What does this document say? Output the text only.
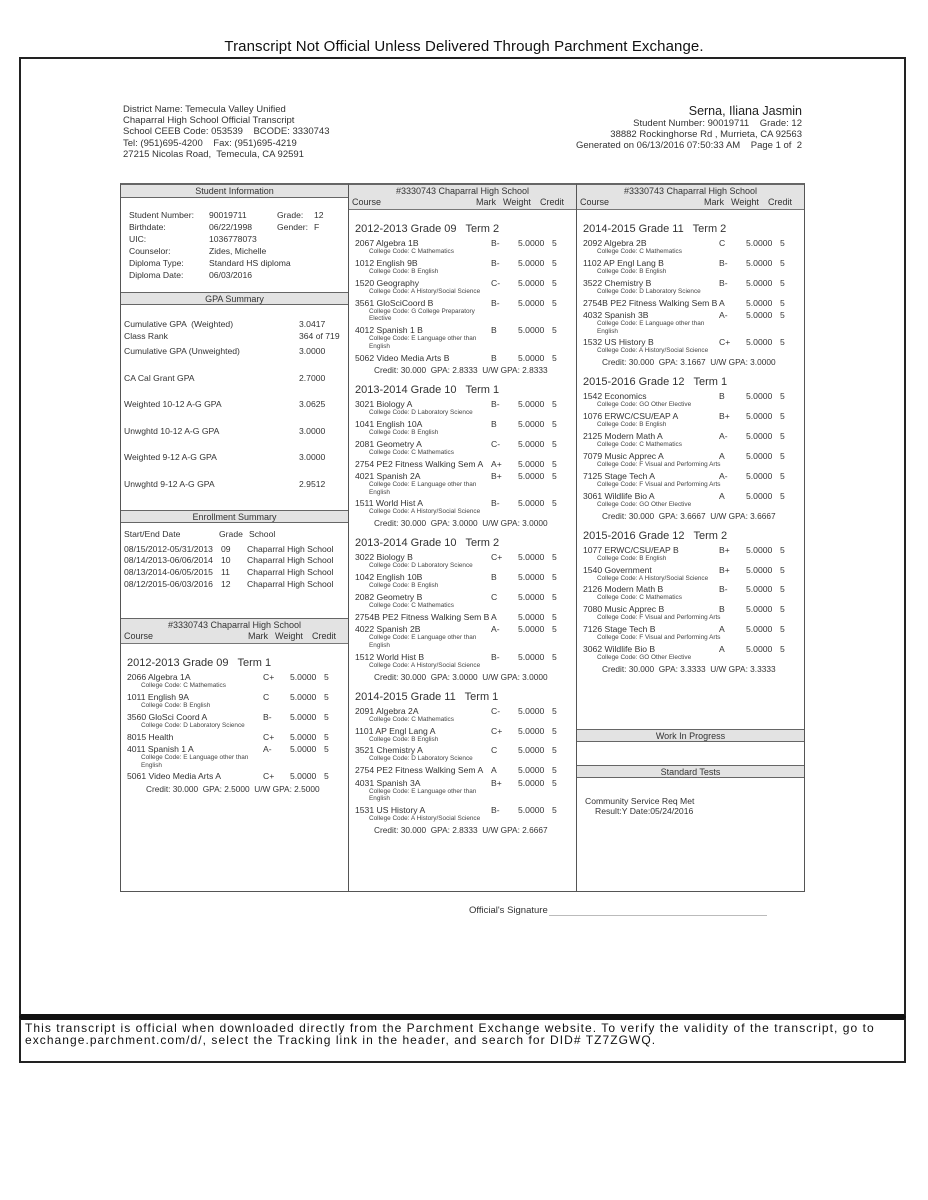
Transcript Not Official Unless Delivered Through Parchment Exchange.
District Name: Temecula Valley Unified
Chaparral High School Official Transcript
School CEEB Code: 053539    BCODE: 3330743
Tel: (951)695-4200    Fax: (951)695-4219
27215 Nicolas Road,  Temecula, CA 92591
Serna, Iliana Jasmin
Student Number: 90019711    Grade: 12
38882 Rockinghorse Rd , Murrieta, CA 92563
Generated on 06/13/2016 07:50:33 AM    Page 1 of  2
Student Information
Student Number:	90019711	Grade:	12
Birthdate:	06/22/1998	Gender: F
UIC:	1036778073
Counselor:	Zides, Michelle
Diploma Type:	Standard HS diploma
Diploma Date:	06/03/2016
GPA Summary
Cumulative GPA  (Weighted)	3.0417
Class Rank	364 of 719
Cumulative GPA (Unweighted)	3.0000
CA Cal Grant GPA	2.7000
Weighted 10-12 A-G GPA	3.0625
Unwghtd 10-12 A-G GPA	3.0000
Weighted 9-12 A-G GPA	3.0000
Unwghtd 9-12 A-G GPA	2.9512
Enrollment Summary
Start/End Date	Grade School
08/15/2012-05/31/2013 09	Chaparral High School
08/14/2013-06/06/2014 10	Chaparral High School
08/13/2014-06/05/2015 11	Chaparral High School
08/12/2015-06/03/2016 12	Chaparral High School
#3330743 Chaparral High School
Course	Mark Weight	Credit
2012-2013 Grade 09   Term 1
2066 Algebra 1A	C+	5.0000 5
College Code: C Mathematics
1011 English 9A	C	5.0000 5
College Code: B English
3560 GloSci Coord A	B-	5.0000 5
College Code: D Laboratory Science
8015 Health	C+	5.0000 5
4011 Spanish 1 A	A-	5.0000 5
College Code: E Language other than English
5061 Video Media Arts A	C+	5.0000 5
Credit: 30.000  GPA: 2.5000  U/W GPA: 2.5000
#3330743 Chaparral High School
Course	Mark Weight	Credit
2012-2013 Grade 09   Term 2
2067 Algebra 1B	B-	5.0000 5
College Code: C Mathematics
1012 English 9B	B-	5.0000 5
College Code: B English
1520 Geography	C-	5.0000 5
College Code: A History/Social Science
3561 GloSciCoord B	B-	5.0000 5
College Code: G College Preparatory Elective
4012 Spanish 1 B	B	5.0000 5
College Code: E Language other than English
5062 Video Media Arts B	B	5.0000 5
Credit: 30.000  GPA: 2.8333  U/W GPA: 2.8333
2013-2014 Grade 10   Term 1
3021 Biology A	B-	5.0000 5
College Code: D Laboratory Science
1041 English 10A	B	5.0000 5
College Code: B English
2081 Geometry A	C-	5.0000 5
College Code: C Mathematics
2754 PE2 Fitness Walking Sem A A+	5.0000 5
4021 Spanish 2A	B+	5.0000 5
College Code: E Language other than English
1511 World Hist A	B-	5.0000 5
College Code: A History/Social Science
Credit: 30.000  GPA: 3.0000  U/W GPA: 3.0000
2013-2014 Grade 10   Term 2
3022 Biology B	C+	5.0000 5
College Code: D Laboratory Science
1042 English 10B	B	5.0000 5
College Code: B English
2082 Geometry B	C	5.0000 5
College Code: C Mathematics
2754B PE2 Fitness Walking Sem B A	5.0000 5
4022 Spanish 2B	A-	5.0000 5
College Code: E Language other than English
1512 World Hist B	B-	5.0000 5
College Code: A History/Social Science
Credit: 30.000  GPA: 3.0000  U/W GPA: 3.0000
2014-2015 Grade 11   Term 1
2091 Algebra 2A	C-	5.0000 5
College Code: C Mathematics
1101 AP Engl Lang A	C+	5.0000 5
College Code: B English
3521 Chemistry A	C	5.0000 5
College Code: D Laboratory Science
2754 PE2 Fitness Walking Sem A A	5.0000 5
4031 Spanish 3A	B+	5.0000 5
College Code: E Language other than English
1531 US History A	B-	5.0000 5
College Code: A History/Social Science
Credit: 30.000  GPA: 2.8333  U/W GPA: 2.6667
#3330743 Chaparral High School
Course	Mark Weight	Credit
2014-2015 Grade 11   Term 2
2092 Algebra 2B	C	5.0000 5
College Code: C Mathematics
1102 AP Engl Lang B	B-	5.0000 5
College Code: B English
3522 Chemistry B	B-	5.0000 5
College Code: D Laboratory Science
2754B PE2 Fitness Walking Sem B A	5.0000 5
4032 Spanish 3B	A-	5.0000 5
College Code: E Language other than English
1532 US History B	C+	5.0000 5
College Code: A History/Social Science
Credit: 30.000  GPA: 3.1667  U/W GPA: 3.0000
2015-2016 Grade 12   Term 1
1542 Economics	B	5.0000 5
College Code: GO Other Elective
1076 ERWC/CSU/EAP A	B+	5.0000 5
College Code: B English
2125 Modern Math A	A-	5.0000 5
College Code: C Mathematics
7079 Music Apprec A	A	5.0000 5
College Code: F Visual and Performing Arts
7125 Stage Tech A	A-	5.0000 5
College Code: F Visual and Performing Arts
3061 Wildlife Bio A	A	5.0000 5
College Code: GO Other Elective
Credit: 30.000  GPA: 3.6667  U/W GPA: 3.6667
2015-2016 Grade 12   Term 2
1077 ERWC/CSU/EAP B	B+	5.0000 5
College Code: B English
1540 Government	B+	5.0000 5
College Code: A History/Social Science
2126 Modern Math B	B-	5.0000 5
College Code: C Mathematics
7080 Music Apprec B	B	5.0000 5
College Code: F Visual and Performing Arts
7126 Stage Tech B	A	5.0000 5
College Code: F Visual and Performing Arts
3062 Wildlife Bio B	A	5.0000 5
College Code: GO Other Elective
Credit: 30.000  GPA: 3.3333  U/W GPA: 3.3333
Work In Progress
Standard Tests
Community Service Req Met
Result:Y Date:05/24/2016
Official's Signature
This transcript is official when downloaded directly from the Parchment Exchange website. To verify the validity of the transcript, go to exchange.parchment.com/d/, select the Tracking link in the header, and search for DID# TZ7ZGWQ.
